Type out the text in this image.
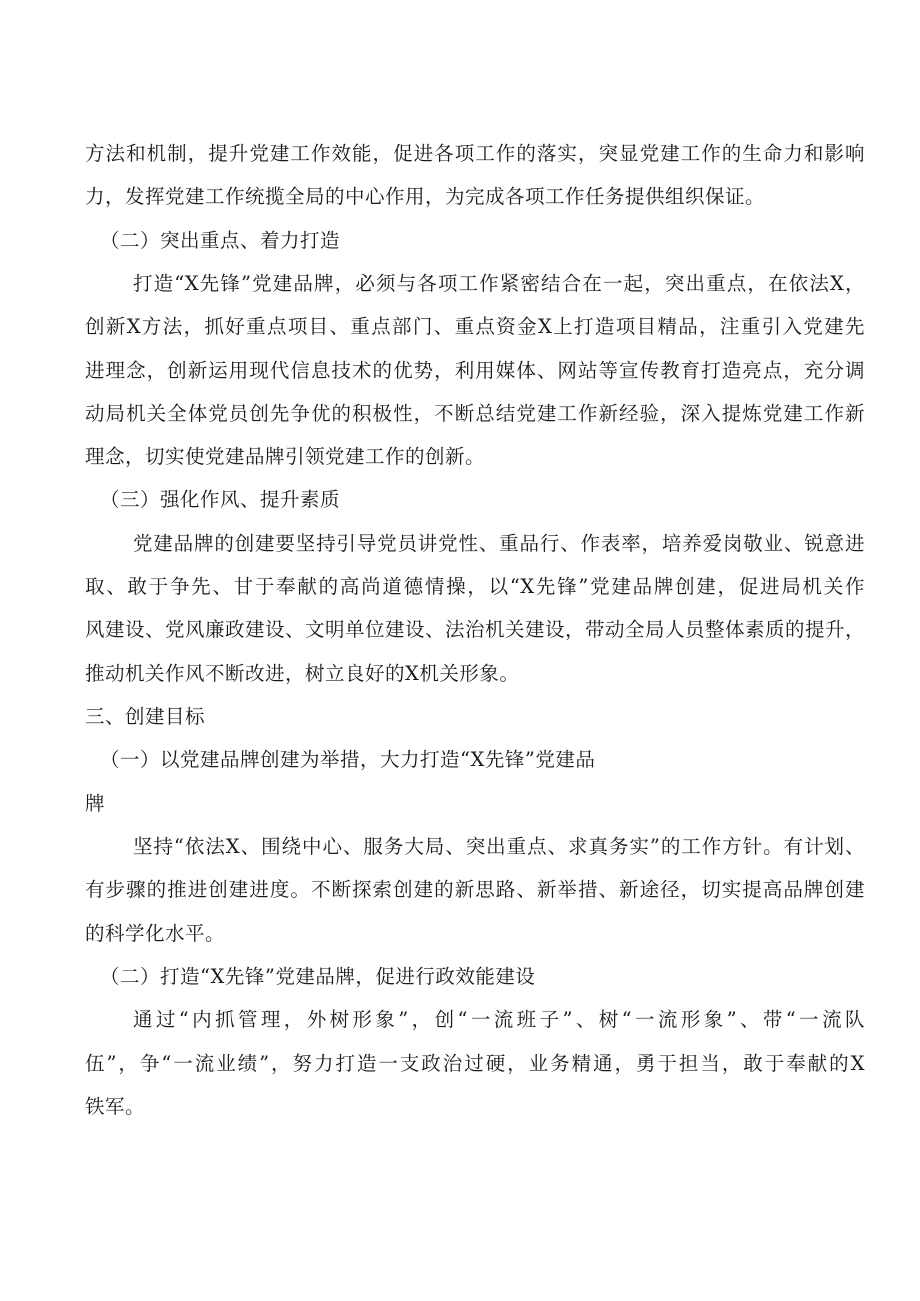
方法和机制，提升党建工作效能，促进各项工作的落实，突显党建工作的生命力和影响
力，发挥党建工作统揽全局的中心作用，为完成各项工作任务提供组织保证。
（二）突出重点、着力打造
打造“X先锋”党建品牌，必须与各项工作紧密结合在一起，突出重点，在依法X，
创新X方法，抓好重点项目、重点部门、重点资金X上打造项目精品，注重引入党建先
进理念，创新运用现代信息技术的优势，利用媒体、网站等宣传教育打造亮点，充分调
动局机关全体党员创先争优的积极性，不断总结党建工作新经验，深入提炼党建工作新
理念，切实使党建品牌引领党建工作的创新。
（三）强化作风、提升素质
党建品牌的创建要坚持引导党员讲党性、重品行、作表率，培养爱岗敬业、锐意进
取、敢于争先、甘于奉献的高尚道德情操，以“X先锋”党建品牌创建，促进局机关作
风建设、党风廉政建设、文明单位建设、法治机关建设，带动全局人员整体素质的提升，
推动机关作风不断改进，树立良好的X机关形象。
三、创建目标
（一）以党建品牌创建为举措，大力打造“X先锋”党建品
牌
坚持“依法X、围绕中心、服务大局、突出重点、求真务实”的工作方针。有计划、
有步骤的推进创建进度。不断探索创建的新思路、新举措、新途径，切实提高品牌创建
的科学化水平。
（二）打造“X先锋”党建品牌，促进行政效能建设
通过“内抓管理，外树形象”，创“一流班子”、树“一流形象”、带“一流队
伍”，争“一流业绩”，努力打造一支政治过硬，业务精通，勇于担当，敢于奉献的X
铁军。
